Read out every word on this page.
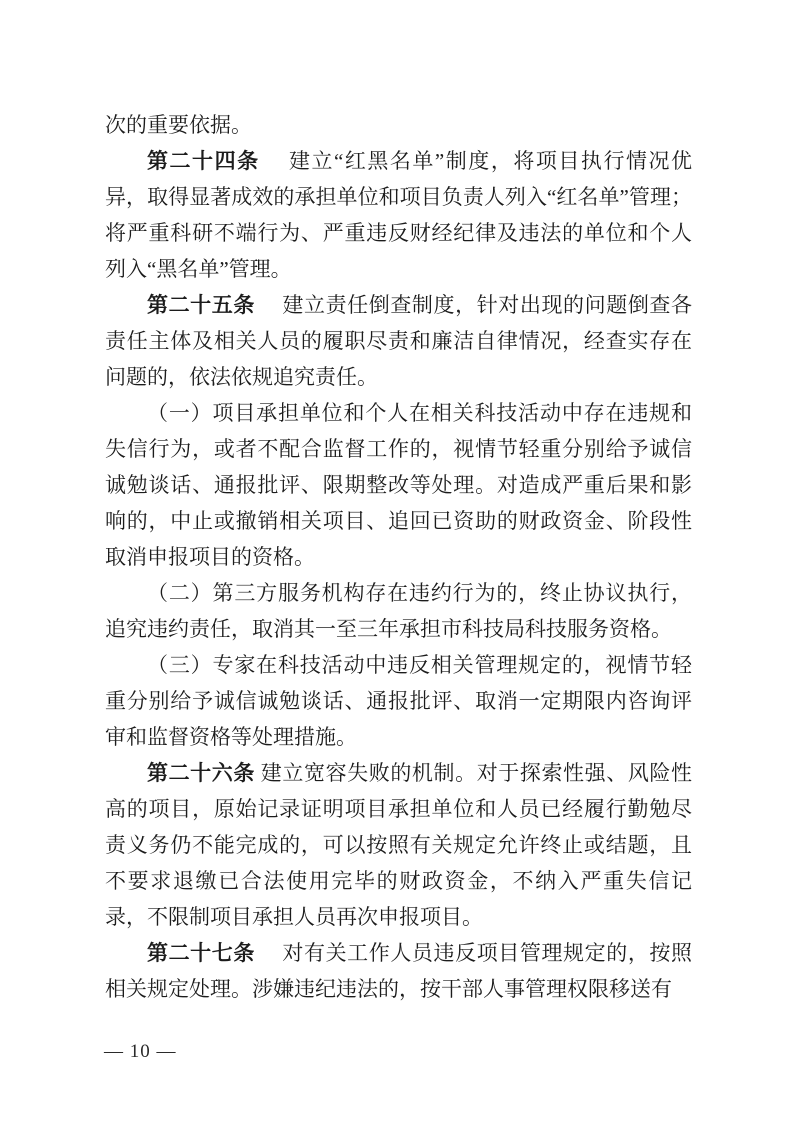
次的重要依据。

第二十四条　 建立“红黑名单”制度，将项目执行情况优异，取得显著成效的承担单位和项目负责人列入“红名单”管理；将严重科研不端行为、严重违反财经纪律及违法的单位和个人列入“黑名单”管理。

第二十五条　 建立责任倒查制度，针对出现的问题倒查各责任主体及相关人员的履职尽责和廉洁自律情况，经查实存在问题的，依法依规追究责任。

（一）项目承担单位和个人在相关科技活动中存在违规和失信行为，或者不配合监督工作的，视情节轻重分别给予诚信诚勉谈话、通报批评、限期整改等处理。对造成严重后果和影响的，中止或撤销相关项目、追回已资助的财政资金、阶段性取消申报项目的资格。

（二）第三方服务机构存在违约行为的，终止协议执行，追究违约责任，取消其一至三年承担市科技局科技服务资格。

（三）专家在科技活动中违反相关管理规定的，视情节轻重分别给予诚信诚勉谈话、通报批评、取消一定期限内咨询评审和监督资格等处理措施。

第二十六条 建立宽容失败的机制。对于探索性强、风险性高的项目，原始记录证明项目承担单位和人员已经履行勤勉尽责义务仍不能完成的，可以按照有关规定允许终止或结题，且不要求退缴已合法使用完毕的财政资金，不纳入严重失信记录，不限制项目承担人员再次申报项目。

第二十七条　 对有关工作人员违反项目管理规定的，按照相关规定处理。涉嫌违纪违法的，按干部人事管理权限移送有

— 10 —
